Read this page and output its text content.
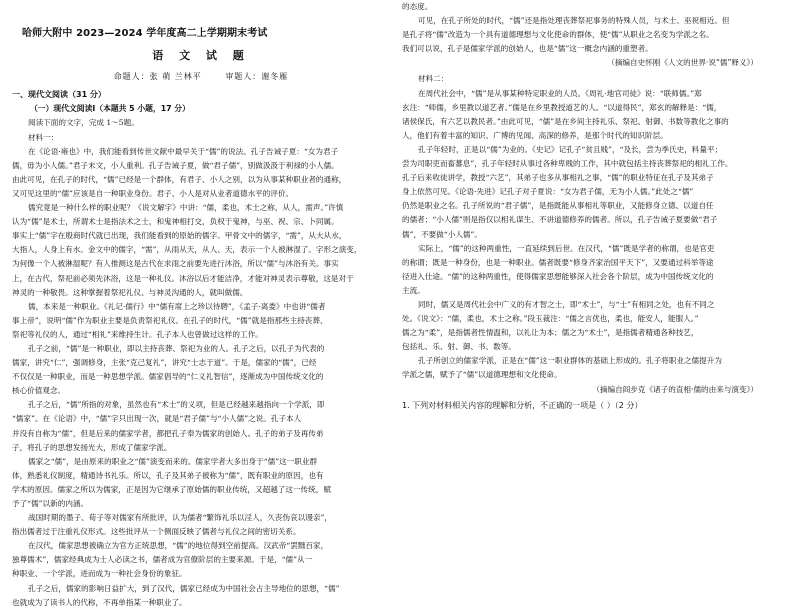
哈师大附中 2023—2024 学年度高二上学期期末考试
语 文 试 题
命题人：张 萌 兰林平	审题人：谢冬雁
一、现代文阅读（31 分）
（一）现代文阅读Ⅰ（本题共 5 小题，17 分）
阅读下面的文字，完成 1～5题。
材料一：
在《论语·雍也》中，我们能看到传世文献中最早关于“儒”的说法。孔子告诫子夏：“女为君子
儒，毋为小人儒。”君子末文，小人重利。孔子告诫子夏，做“君子儒”，别做汲汲于利禄的小人儒。
由此可见，在孔子的时代，“儒”已经是一个群体，有君子、小人之别，以为从事某种职业者的通称，
又可见这里的“儒”应该是自一种职业身份。君子、小人是对从业者道德水平的评价。
儒究竟是一种什么样的职业呢？《说文解字》中讲：“儒，柔也，术士之称，从人，需声。”许慎
认为“儒”是术士，所谓术士是指法术之士，和鬼神相打交，负权于鬼神，与巫、祝、宗、卜同属。
事实上“儒”字在殷商时代就已出现，我们能看到的原始的儒字。甲骨文中的儒字，“需”，从大从水，
大指人，人身上有水。金文中的儒字，“需”，从雨从天，从人、天，表示一个人被淋湿了。字形之演变，
为何像一个人被淋湿呢？有人推测这是古代在求雨之前要先进行沐浴，所以“儒”与沐浴有关。事实
上，在古代，祭祀前必须先沐浴，这是一种礼仪。沐浴以后才能洁净，才能对神灵表示尊敬，这是对于
神灵的一种敬畏。这种掌握着祭祀礼仪、与神灵沟通的人，就叫做儒。
儒，本来是一种职业。《礼记·儒行》中“儒有席上之珍以待聘”，《孟子·离娄》中也讲“儒者
事上帝”，说明“儒”作为职业主要是负责祭祀礼仪。在孔子的时代，“儒”就是指那些主持丧葬、
祭祀等礼仪的人，通过“相礼”来维持生计。孔子本人也曾做过这样的工作。
孔子之前，“儒”是一种职业，即以主持丧葬、祭祀为业的人。孔子之后，以孔子为代表的
儒家，讲究“仁”，强调修身，主张“克己复礼”，讲究“士志于道”。于是，儒家的“儒”，已经
不仅仅是一种职业，而是一种思想学派。儒家倡导的“仁义礼智信”，逐渐成为中国传统文化的
核心价值观念。
孔子之后，“儒”所指的对象，虽然也有“术士”的义项，但是已经越来越指向一个学派，即
“儒家”。在《论语》中，“儒”字只出现一次，就是“君子儒”与“小人儒”之说。孔子本人
并没有自称为“儒”，但是后来的儒家学者，都把孔子奉为儒家的创始人。孔子的弟子及再传弟
子，将孔子的思想发扬光大，形成了儒家学派。
儒家之“儒”，是由原来的职业之“儒”演变而来的。儒家学者大多出身于“儒”这一职业群
体，熟悉礼仪制度，精通诗书礼乐。所以，孔子及其弟子被称为“儒”，既有职业的原因，也有
学术的原因。儒家之所以为儒家，正是因为它继承了原始儒的职业传统，又超越了这一传统，赋
予了“儒”以新的内涵。
战国时期的墨子、荀子等对儒家有所批评，认为儒者“繁饰礼乐以淫人，久丧伪哀以谩亲”，
指出儒者过于注重礼仪形式。这些批评从一个侧面反映了儒者与礼仪之间的密切关系。
在汉代，儒家思想被确立为官方正统思想，“儒”的地位得到空前提高。汉武帝“罢黜百家，
独尊儒术”，儒家经典成为士人必读之书，儒者成为官僚阶层的主要来源。于是，“儒”从一
种职业、一个学派，进而成为一种社会身份的象征。
孔子之后，儒家的影响日益扩大，到了汉代，儒家已经成为中国社会占主导地位的思想，“儒”
也就成为了读书人的代称，不再单指某一种职业了。
的态度。
可见，在孔子所处的时代，“儒”还是指处理丧葬祭祀事务的特殊人员，与术士、巫祝相近。但
是孔子将“儒”改造为一个具有道德理想与文化使命的群体，使“儒”从职业之名变为学派之名。
我们可以说，孔子是儒家学派的创始人，也是“儒”这一概念内涵的重塑者。
（摘编自史怀刚《人文的世界·说“儒”释义》）
材料二：
在周代社会中，“儒”是从事某种特定职业的人员。《周礼·地官司徒》说：“联师儒。”郑
玄注：“师儒，乡里教以道艺者。”儒是在乡里教授道艺的人。“以道得民”，郑玄的解释是：“儒，
诸侯保氏，有六艺以教民者。”由此可见，“儒”是在乡间主持礼乐、祭祀、射御、书数等教化之事的
人，他们有着丰富的知识、广博的见闻、高深的修养，是那个时代的知识阶层。
孔子年轻时，正是以“儒”为业的。《史记》记孔子“贫且贱”，“及长，尝为季氏史，料量平；
尝为司职吏而畜蕃息”，孔子年轻时从事过各种卑贱的工作，其中就包括主持丧葬祭祀的相礼工作。
孔子后来收徒讲学，教授“六艺”，其弟子也多从事相礼之事，“儒”的职业特征在孔子及其弟子
身上依然可见。《论语·先进》记孔子对子夏说：“女为君子儒，无为小人儒。”此处之“儒”
仍然是职业之名。孔子所说的“君子儒”，是指既能从事相礼等职业，又能修身立德、以道自任
的儒者；“小人儒”则是指仅以相礼谋生、不讲道德修养的儒者。所以，孔子告诫子夏要做“君子
儒”，不要做“小人儒”。
实际上，“儒”的这种两重性，一直延续到后世。在汉代，“儒”既是学者的称谓，也是官吏
的称谓；既是一种身份，也是一种职业。儒者既要“修身齐家治国平天下”，又要通过科举等途
径进入仕途。“儒”的这种两重性，使得儒家思想能够深入社会各个阶层，成为中国传统文化的
主流。
同时，儒又是周代社会中广义的有才智之士，即“术士”，与“士”有相同之处，也有不同之
处。《说文》：“儒，柔也，术士之称。”段玉裁注：“儒之言优也，柔也，能安人，能服人。”
儒之为“柔”，是指儒者性情温和，以礼让为本；儒之为“术士”，是指儒者精通各种技艺，
包括礼、乐、射、御、书、数等。
孔子所创立的儒家学派，正是在“儒”这一职业群体的基础上形成的。孔子将职业之儒提升为
学派之儒，赋予了“儒”以道德理想和文化使命。
（摘编自阎步克《诸子的直相·儒的由来与演变》）
1. 下列对材料相关内容的理解和分析，不正确的一项是（ ）（2 分）
